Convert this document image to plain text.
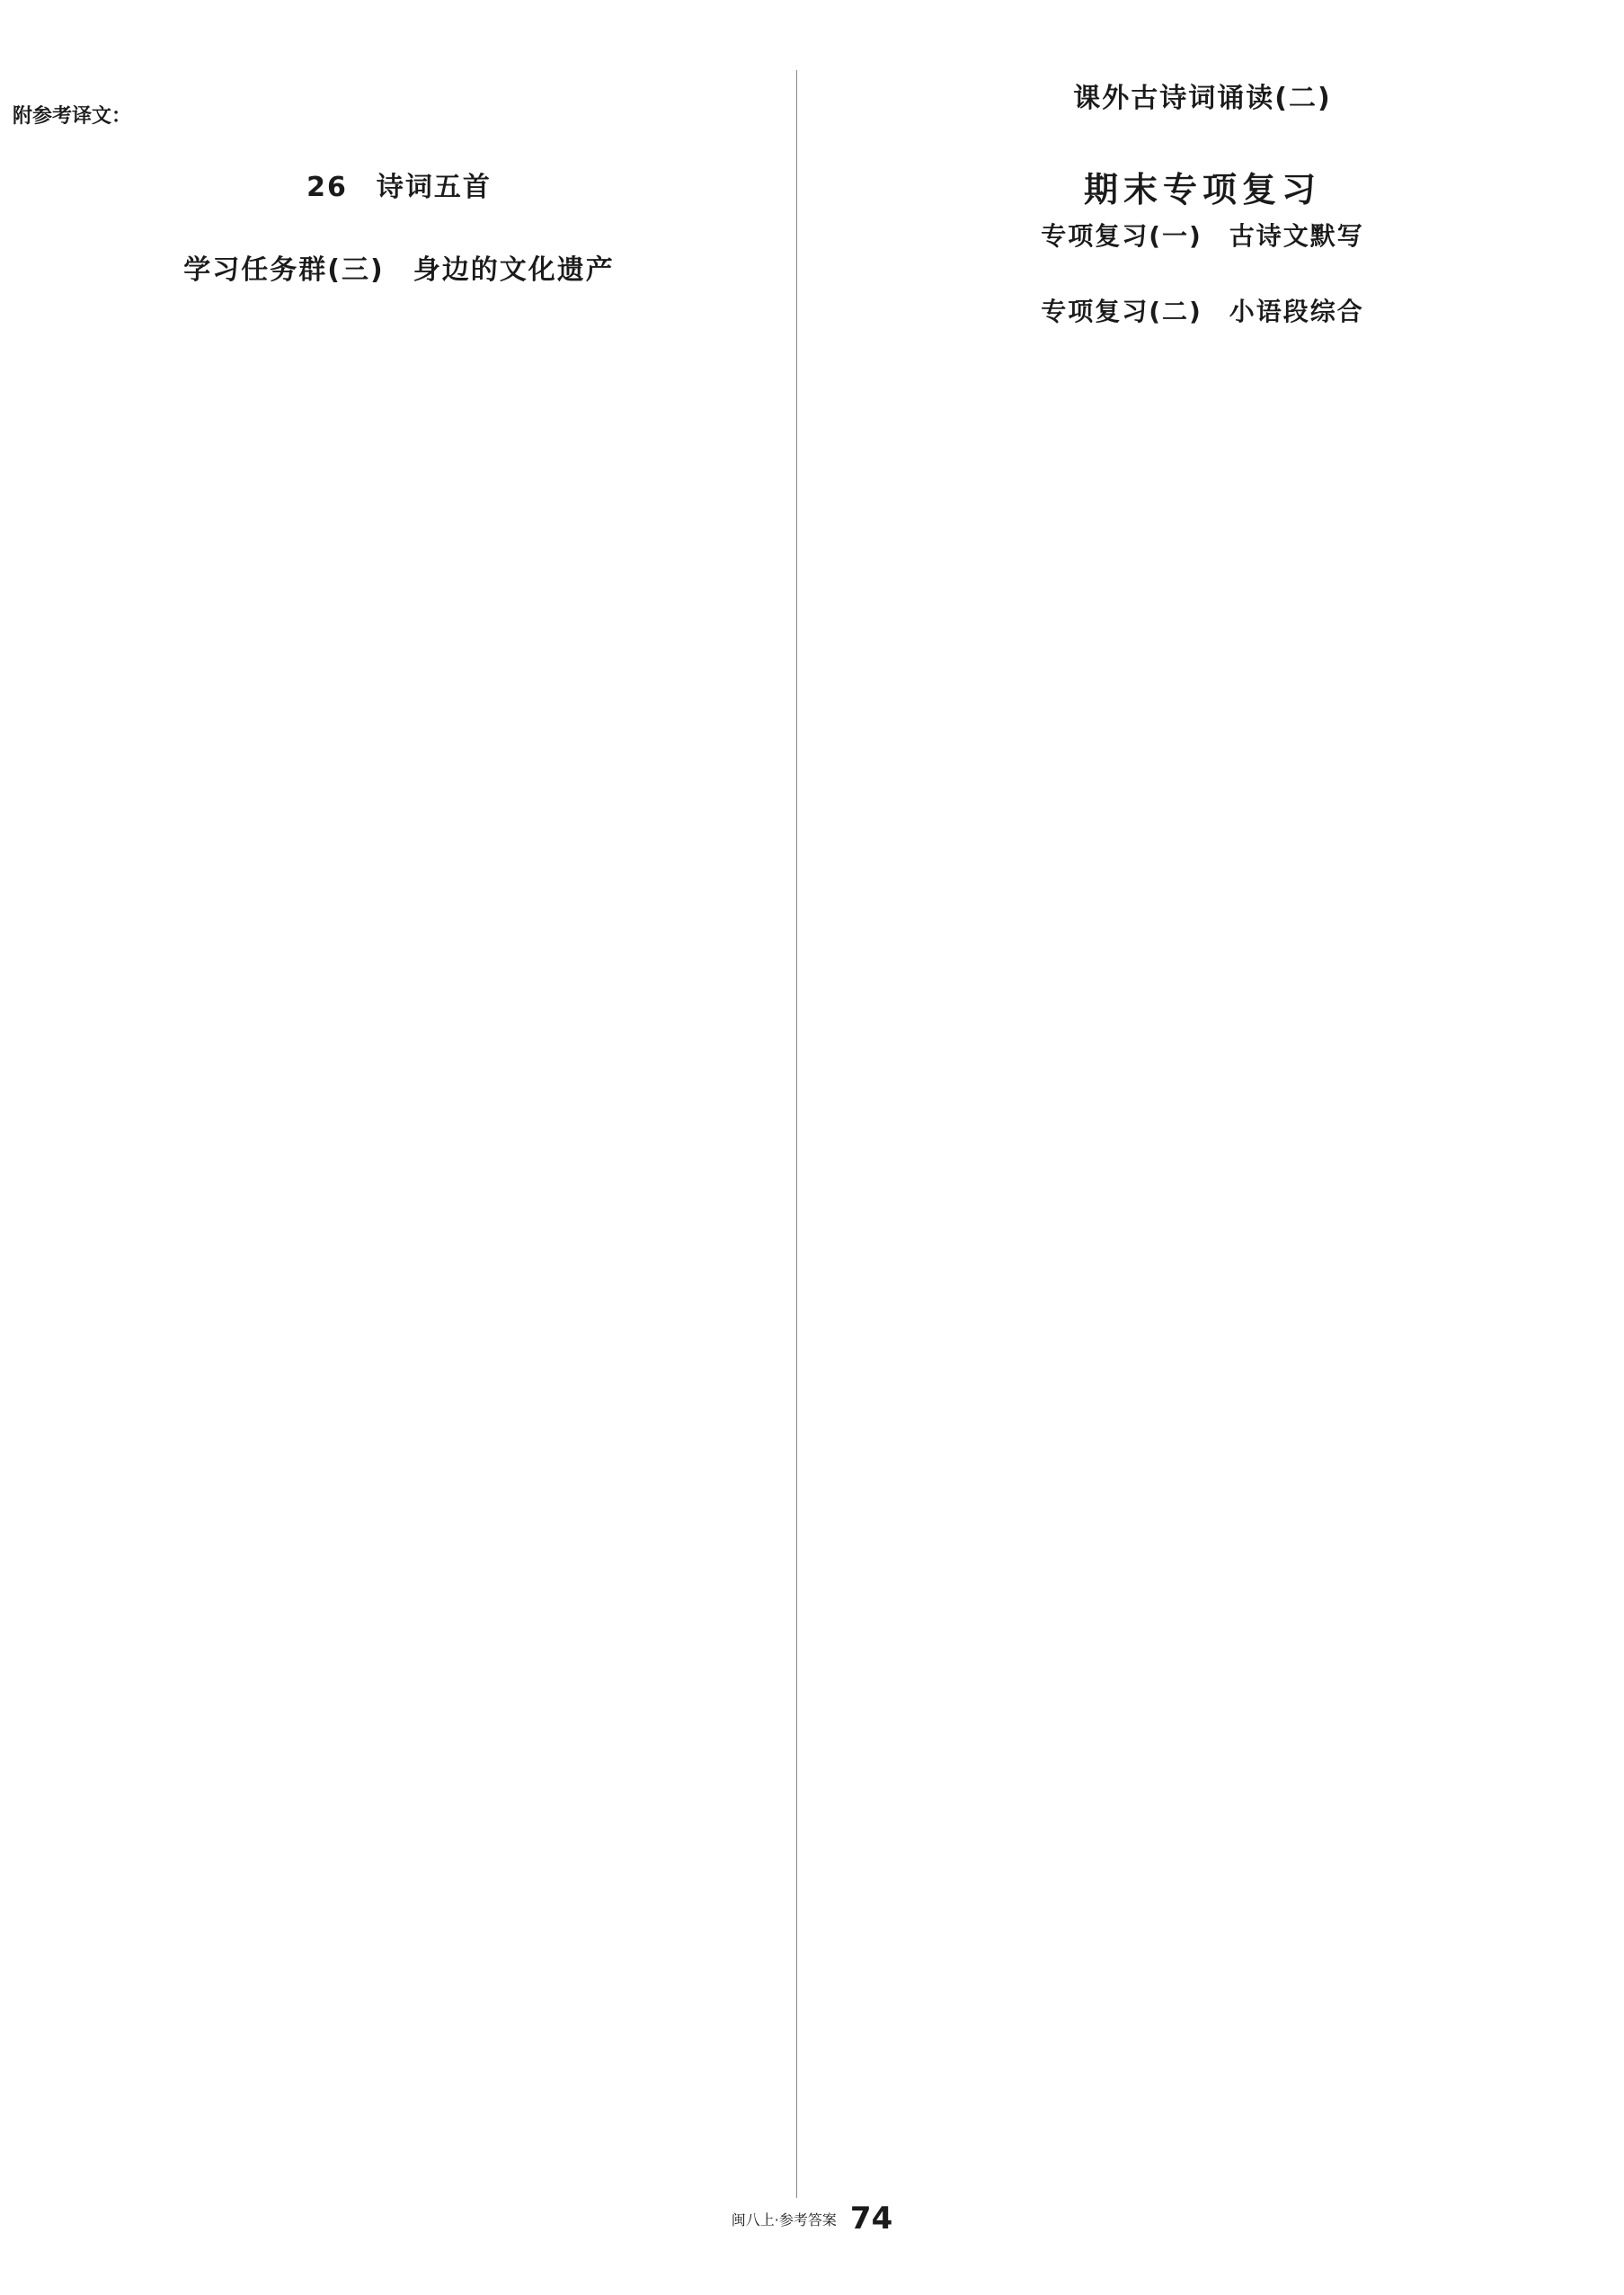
附参考译文：

26　诗词五首

学习任务群(三)　身边的文化遗产

课外古诗词诵读(二)

期末专项复习
专项复习(一)　古诗文默写

专项复习(二)　小语段综合

闽八上·参考答案 74
